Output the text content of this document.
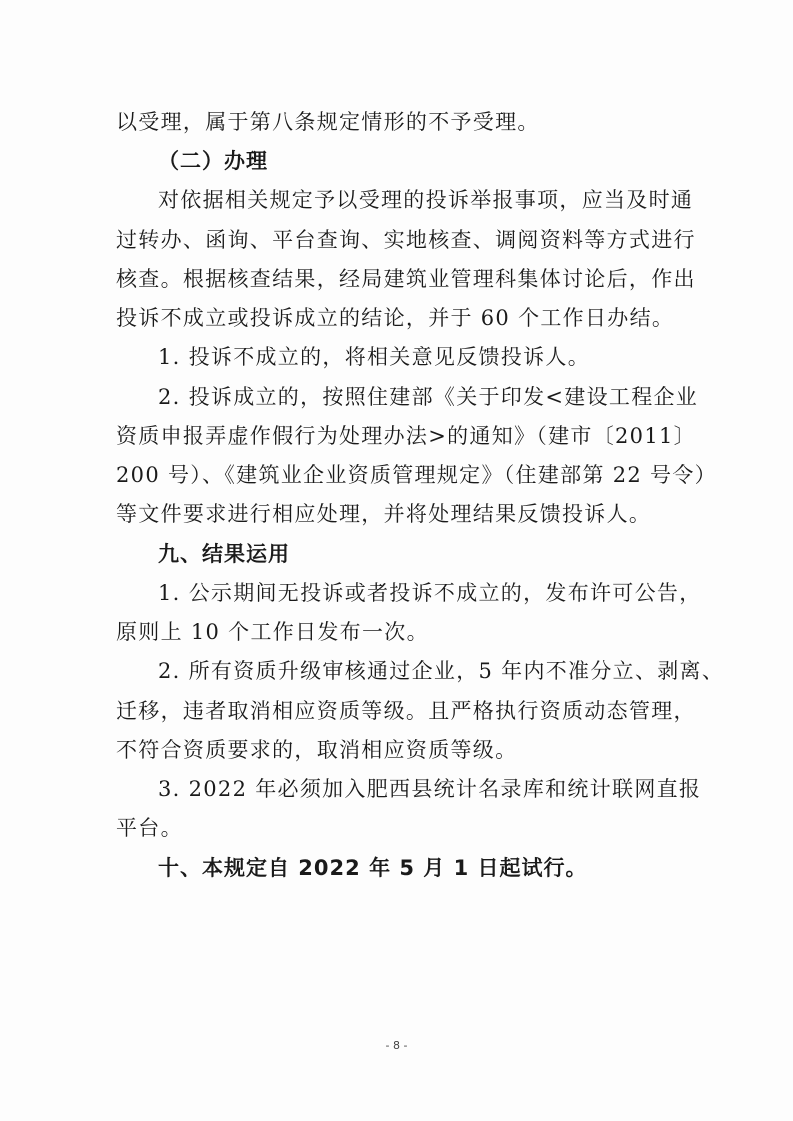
以受理，属于第八条规定情形的不予受理。
（二）办理
对依据相关规定予以受理的投诉举报事项，应当及时通
过转办、函询、平台查询、实地核查、调阅资料等方式进行
核查。根据核查结果，经局建筑业管理科集体讨论后，作出
投诉不成立或投诉成立的结论，并于 60 个工作日办结。
1. 投诉不成立的，将相关意见反馈投诉人。
2. 投诉成立的，按照住建部《关于印发<建设工程企业
资质申报弄虚作假行为处理办法>的通知》（建市〔2011〕
200 号）、《建筑业企业资质管理规定》（住建部第 22 号令）
等文件要求进行相应处理，并将处理结果反馈投诉人。
九、结果运用
1. 公示期间无投诉或者投诉不成立的，发布许可公告，
原则上 10 个工作日发布一次。
2. 所有资质升级审核通过企业，5 年内不准分立、剥离、
迁移，违者取消相应资质等级。且严格执行资质动态管理，
不符合资质要求的，取消相应资质等级。
3. 2022 年必须加入肥西县统计名录库和统计联网直报
平台。
十、本规定自 2022 年 5 月 1 日起试行。
- 8 -
